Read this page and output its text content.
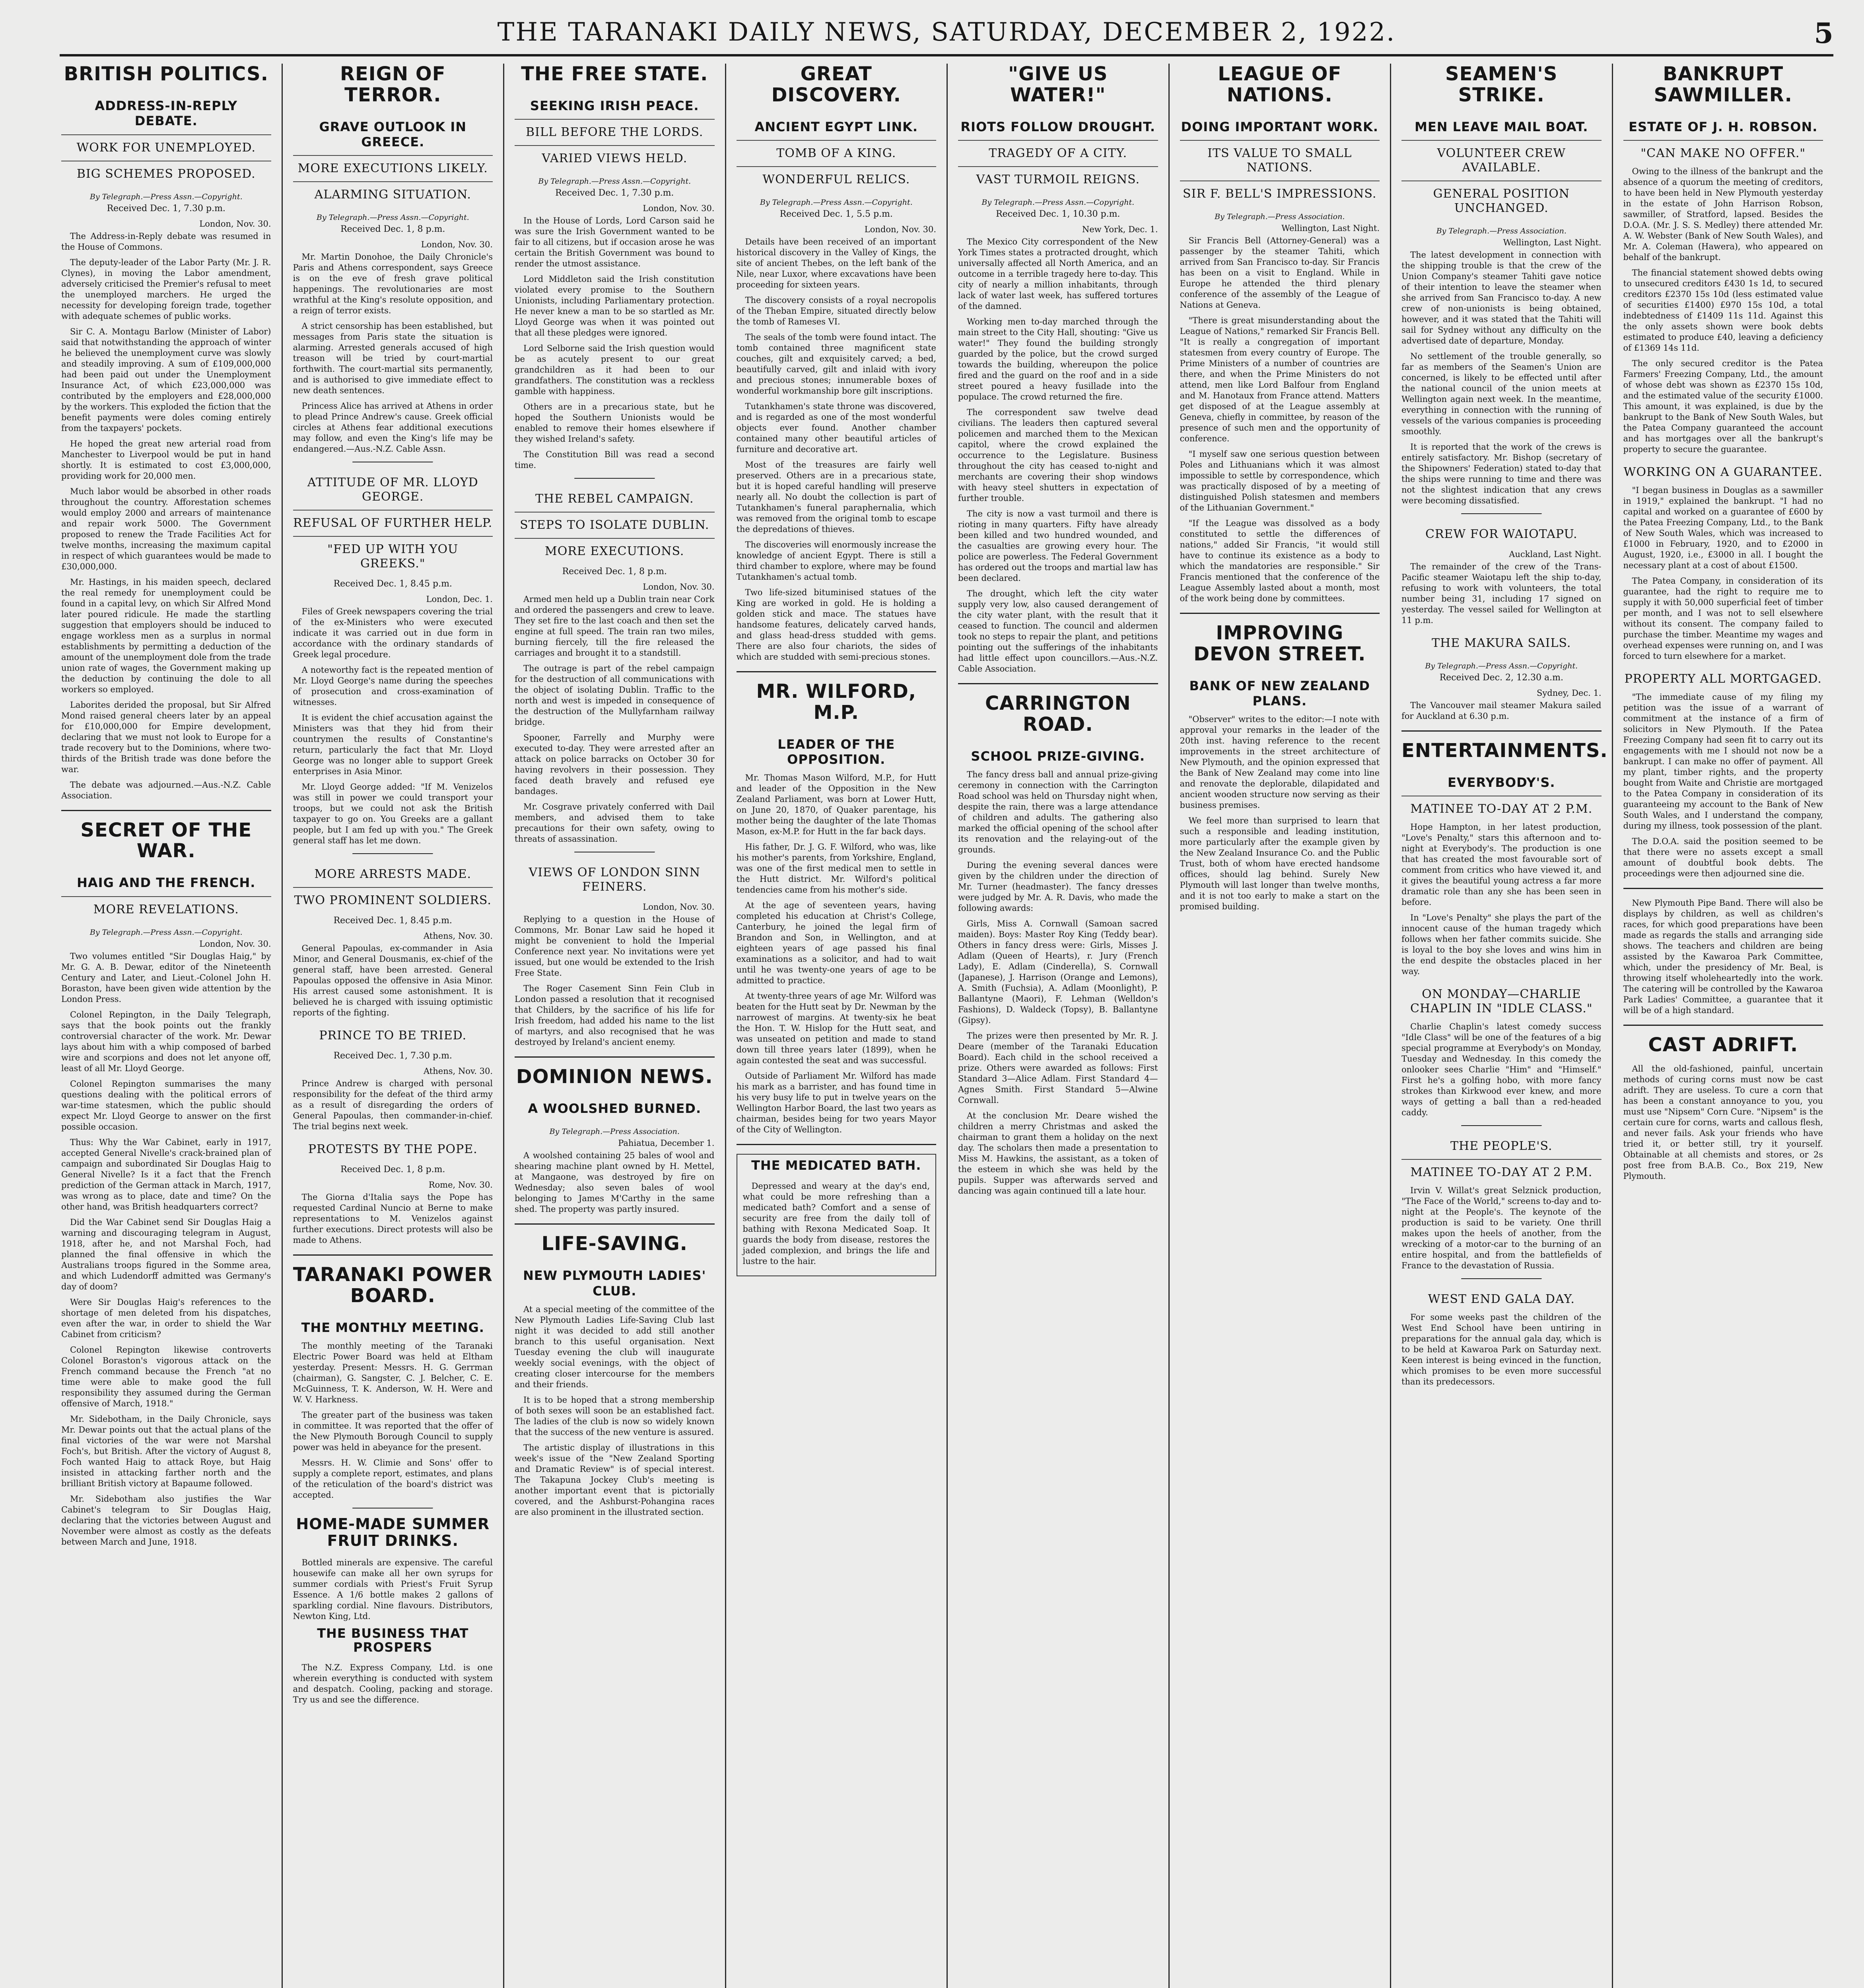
THE TARANAKI DAILY NEWS, SATURDAY, DECEMBER 2, 1922.	5
BRITISH POLITICS.
ADDRESS-IN-REPLY DEBATE.
WORK FOR UNEMPLOYED.
BIG SCHEMES PROPOSED.
By Telegraph.—Press Assn.—Copyright.
Received Dec. 1, 7.30 p.m.
London, Nov. 30.

The Address-in-Reply debate was resumed in the House of Commons.

The deputy-leader of the Labor Party (Mr. J. R. Clynes), in moving the Labor amendment, adversely criticised the Premier's refusal to meet the unemployed marchers. He urged the necessity for developing foreign trade, together with adequate schemes of public works.

Sir C. A. Montagu Barlow (Minister of Labor) said that notwithstanding the approach of winter he believed the unemployment curve was slowly and steadily improving. A sum of £109,000,000 had been paid out under the Unemployment Insurance Act, of which £23,000,000 was contributed by the employers and £28,000,000 by the workers. This exploded the fiction that the benefit payments were doles coming entirely from the taxpayers' pockets.

He hoped the great new arterial road from Manchester to Liverpool would be put in hand shortly. It is estimated to cost £3,000,000, providing work for 20,000 men.

Much labor would be absorbed in other roads throughout the country. Afforestation schemes would employ 2000 and arrears of maintenance and repair work 5000. The Government proposed to renew the Trade Facilities Act for twelve months, increasing the maximum capital in respect of which guarantees would be made to £30,000,000.

Mr. Hastings, in his maiden speech, declared the real remedy for unemployment could be found in a capital levy, on which Sir Alfred Mond later poured ridicule. He made the startling suggestion that employers should be induced to engage workless men as a surplus in normal establishments by permitting a deduction of the amount of the unemployment dole from the trade union rate of wages, the Government making up the deduction by continuing the dole to all workers so employed.

Laborites derided the proposal, but Sir Alfred Mond raised general cheers later by an appeal for £10,000,000 for Empire development, declaring that we must not look to Europe for a trade recovery but to the Dominions, where two-thirds of the British trade was done before the war.

The debate was adjourned.—Aus.-N.Z. Cable Association.

SECRET OF THE WAR.
HAIG AND THE FRENCH.
MORE REVELATIONS.
By Telegraph.—Press Assn.—Copyright.
London, Nov. 30.

Two volumes entitled "Sir Douglas Haig," by Mr. G. A. B. Dewar, editor of the Nineteenth Century and Later, and Lieut.-Colonel John H. Boraston, have been given wide attention by the London Press.

Colonel Repington, in the Daily Telegraph, says that the book points out the frankly controversial character of the work. Mr. Dewar lays about him with a whip composed of barbed wire and scorpions and does not let anyone off, least of all Mr. Lloyd George.

Colonel Repington summarises the many questions dealing with the political errors of war-time statesmen, which the public should expect Mr. Lloyd George to answer on the first possible occasion.

Thus: Why the War Cabinet, early in 1917, accepted General Nivelle's crack-brained plan of campaign and subordinated Sir Douglas Haig to General Nivelle? Is it a fact that the French prediction of the German attack in March, 1917, was wrong as to place, date and time? On the other hand, was British headquarters correct?

Did the War Cabinet send Sir Douglas Haig a warning and discouraging telegram in August, 1918, after he, and not Marshal Foch, had planned the final offensive in which the Australians troops figured in the Somme area, and which Ludendorff admitted was Germany's day of doom?

Were Sir Douglas Haig's references to the shortage of men deleted from his dispatches, even after the war, in order to shield the War Cabinet from criticism?

Colonel Repington likewise controverts Colonel Boraston's vigorous attack on the French command because the French "at no time were able to make good the full responsibility they assumed during the German offensive of March, 1918."

Mr. Sidebotham, in the Daily Chronicle, says Mr. Dewar points out that the actual plans of the final victories of the war were not Marshal Foch's, but British. After the victory of August 8, Foch wanted Haig to attack Roye, but Haig insisted in attacking farther north and the brilliant British victory at Bapaume followed.

Mr. Sidebotham also justifies the War Cabinet's telegram to Sir Douglas Haig, declaring that the victories between August and November were almost as costly as the defeats between March and June, 1918.

REIGN OF TERROR.
GRAVE OUTLOOK IN GREECE.
MORE EXECUTIONS LIKELY.
ALARMING SITUATION.
By Telegraph.—Press Assn.—Copyright.
Received Dec. 1, 8 p.m.
London, Nov. 30.

Mr. Martin Donohoe, the Daily Chronicle's Paris and Athens correspondent, says Greece is on the eve of fresh grave political happenings. The revolutionaries are most wrathful at the King's resolute opposition, and a reign of terror exists.

A strict censorship has been established, but messages from Paris state the situation is alarming. Arrested generals accused of high treason will be tried by court-martial forthwith. The court-martial sits permanently, and is authorised to give immediate effect to new death sentences.

Princess Alice has arrived at Athens in order to plead Prince Andrew's cause. Greek official circles at Athens fear additional executions may follow, and even the King's life may be endangered.—Aus.-N.Z. Cable Assn.

ATTITUDE OF MR. LLOYD GEORGE.
REFUSAL OF FURTHER HELP.
"FED UP WITH YOU GREEKS."
Received Dec. 1, 8.45 p.m.
London, Dec. 1.

Files of Greek newspapers covering the trial of the ex-Ministers who were executed indicate it was carried out in due form in accordance with the ordinary standards of Greek legal procedure.

A noteworthy fact is the repeated mention of Mr. Lloyd George's name during the speeches of prosecution and cross-examination of witnesses.

It is evident the chief accusation against the Ministers was that they hid from their countrymen the results of Constantine's return, particularly the fact that Mr. Lloyd George was no longer able to support Greek enterprises in Asia Minor.

Mr. Lloyd George added: "If M. Venizelos was still in power we could transport your troops, but we could not ask the British taxpayer to go on. You Greeks are a gallant people, but I am fed up with you." The Greek general staff has let me down.

MORE ARRESTS MADE.
TWO PROMINENT SOLDIERS.
Received Dec. 1, 8.45 p.m.
Athens, Nov. 30.

General Papoulas, ex-commander in Asia Minor, and General Dousmanis, ex-chief of the general staff, have been arrested. General Papoulas opposed the offensive in Asia Minor. His arrest caused some astonishment. It is believed he is charged with issuing optimistic reports of the fighting.

PRINCE TO BE TRIED.
Received Dec. 1, 7.30 p.m.
Athens, Nov. 30.

Prince Andrew is charged with personal responsibility for the defeat of the third army as a result of disregarding the orders of General Papoulas, then commander-in-chief. The trial begins next week.

PROTESTS BY THE POPE.
Received Dec. 1, 8 p.m.
Rome, Nov. 30.

The Giorna d'Italia says the Pope has requested Cardinal Nuncio at Berne to make representations to M. Venizelos against further executions. Direct protests will also be made to Athens.

TARANAKI POWER BOARD.
THE MONTHLY MEETING.

The monthly meeting of the Taranaki Electric Power Board was held at Eltham yesterday. Present: Messrs. H. G. Gerrman (chairman), G. Sangster, C. J. Belcher, C. E. McGuinness, T. K. Anderson, W. H. Were and W. V. Harkness.

The greater part of the business was taken in committee. It was reported that the offer of the New Plymouth Borough Council to supply power was held in abeyance for the present.

Messrs. H. W. Climie and Sons' offer to supply a complete report, estimates, and plans of the reticulation of the board's district was accepted.

HOME-MADE SUMMER FRUIT DRINKS.

Bottled minerals are expensive. The careful housewife can make all her own syrups for summer cordials with Priest's Fruit Syrup Essence. A 1/6 bottle makes 2 gallons of sparkling cordial. Nine flavours. Distributors, Newton King, Ltd.

THE BUSINESS THAT PROSPERS

The N.Z. Express Company, Ltd. is one wherein everything is conducted with system and despatch. Cooling, packing and storage. Try us and see the difference.

THE FREE STATE.
SEEKING IRISH PEACE.
BILL BEFORE THE LORDS.
VARIED VIEWS HELD.
By Telegraph.—Press Assn.—Copyright.
Received Dec. 1, 7.30 p.m.
London, Nov. 30.

In the House of Lords, Lord Carson said he was sure the Irish Government wanted to be fair to all citizens, but if occasion arose he was certain the British Government was bound to render the utmost assistance.

Lord Middleton said the Irish constitution violated every promise to the Southern Unionists, including Parliamentary protection. He never knew a man to be so startled as Mr. Lloyd George was when it was pointed out that all these pledges were ignored.

Lord Selborne said the Irish question would be as acutely present to our great grandchildren as it had been to our grandfathers. The constitution was a reckless gamble with happiness.

Others are in a precarious state, but he hoped the Southern Unionists would be enabled to remove their homes elsewhere if they wished Ireland's safety.

The Constitution Bill was read a second time.

THE REBEL CAMPAIGN.
STEPS TO ISOLATE DUBLIN.
MORE EXECUTIONS.
Received Dec. 1, 8 p.m.
London, Nov. 30.

Armed men held up a Dublin train near Cork and ordered the passengers and crew to leave. They set fire to the last coach and then set the engine at full speed. The train ran two miles, burning fiercely, till the fire released the carriages and brought it to a standstill.

The outrage is part of the rebel campaign for the destruction of all communications with the object of isolating Dublin. Traffic to the north and west is impeded in consequence of the destruction of the Mullyfarnham railway bridge.

Spooner, Farrelly and Murphy were executed to-day. They were arrested after an attack on police barracks on October 30 for having revolvers in their possession. They faced death bravely and refused eye bandages.

Mr. Cosgrave privately conferred with Dail members, and advised them to take precautions for their own safety, owing to threats of assassination.

VIEWS OF LONDON SINN FEINERS.
London, Nov. 30.

Replying to a question in the House of Commons, Mr. Bonar Law said he hoped it might be convenient to hold the Imperial Conference next year. No invitations were yet issued, but one would be extended to the Irish Free State.

The Roger Casement Sinn Fein Club in London passed a resolution that it recognised that Childers, by the sacrifice of his life for Irish freedom, had added his name to the list of martyrs, and also recognised that he was destroyed by Ireland's ancient enemy.

DOMINION NEWS.
A WOOLSHED BURNED.
By Telegraph.—Press Association.
Pahiatua, December 1.

A woolshed containing 25 bales of wool and shearing machine plant owned by H. Mettel, at Mangaone, was destroyed by fire on Wednesday; also seven bales of wool belonging to James M'Carthy in the same shed. The property was partly insured.

LIFE-SAVING.
NEW PLYMOUTH LADIES' CLUB.

At a special meeting of the committee of the New Plymouth Ladies Life-Saving Club last night it was decided to add still another branch to this useful organisation. Next Tuesday evening the club will inaugurate weekly social evenings, with the object of creating closer intercourse for the members and their friends.

It is to be hoped that a strong membership of both sexes will soon be an established fact. The ladies of the club is now so widely known that the success of the new venture is assured.

The artistic display of illustrations in this week's issue of the "New Zealand Sporting and Dramatic Review" is of special interest. The Takapuna Jockey Club's meeting is another important event that is pictorially covered, and the Ashburst-Pohangina races are also prominent in the illustrated section.

GREAT DISCOVERY.
ANCIENT EGYPT LINK.
TOMB OF A KING.
WONDERFUL RELICS.
By Telegraph.—Press Assn.—Copyright.
Received Dec. 1, 5.5 p.m.
London, Nov. 30.

Details have been received of an important historical discovery in the Valley of Kings, the site of ancient Thebes, on the left bank of the Nile, near Luxor, where excavations have been proceeding for sixteen years.

The discovery consists of a royal necropolis of the Theban Empire, situated directly below the tomb of Rameses VI.

The seals of the tomb were found intact. The tomb contained three magnificent state couches, gilt and exquisitely carved; a bed, beautifully carved, gilt and inlaid with ivory and precious stones; innumerable boxes of wonderful workmanship bore gilt inscriptions.

Tutankhamen's state throne was discovered, and is regarded as one of the most wonderful objects ever found. Another chamber contained many other beautiful articles of furniture and decorative art.

Most of the treasures are fairly well preserved. Others are in a precarious state, but it is hoped careful handling will preserve nearly all. No doubt the collection is part of Tutankhamen's funeral paraphernalia, which was removed from the original tomb to escape the depredations of thieves.

The discoveries will enormously increase the knowledge of ancient Egypt. There is still a third chamber to explore, where may be found Tutankhamen's actual tomb.

Two life-sized bituminised statues of the King are worked in gold. He is holding a golden stick and mace. The statues have handsome features, delicately carved hands, and glass head-dress studded with gems. There are also four chariots, the sides of which are studded with semi-precious stones.

MR. WILFORD, M.P.
LEADER OF THE OPPOSITION.

Mr. Thomas Mason Wilford, M.P., for Hutt and leader of the Opposition in the New Zealand Parliament, was born at Lower Hutt, on June 20, 1870, of Quaker parentage, his mother being the daughter of the late Thomas Mason, ex-M.P. for Hutt in the far back days.

His father, Dr. J. G. F. Wilford, who was, like his mother's parents, from Yorkshire, England, was one of the first medical men to settle in the Hutt district. Mr. Wilford's political tendencies came from his mother's side.

At the age of seventeen years, having completed his education at Christ's College, Canterbury, he joined the legal firm of Brandon and Son, in Wellington, and at eighteen years of age passed his final examinations as a solicitor, and had to wait until he was twenty-one years of age to be admitted to practice.

At twenty-three years of age Mr. Wilford was beaten for the Hutt seat by Dr. Newman by the narrowest of margins. At twenty-six he beat the Hon. T. W. Hislop for the Hutt seat, and was unseated on petition and made to stand down till three years later (1899), when he again contested the seat and was successful.

Outside of Parliament Mr. Wilford has made his mark as a barrister, and has found time in his very busy life to put in twelve years on the Wellington Harbor Board, the last two years as chairman, besides being for two years Mayor of the City of Wellington.

THE MEDICATED BATH.

Depressed and weary at the day's end, what could be more refreshing than a medicated bath? Comfort and a sense of security are free from the daily toll of bathing with Rexona Medicated Soap. It guards the body from disease, restores the jaded complexion, and brings the life and lustre to the hair.

"GIVE US WATER!"
RIOTS FOLLOW DROUGHT.
TRAGEDY OF A CITY.
VAST TURMOIL REIGNS.
By Telegraph.—Press Assn.—Copyright.
Received Dec. 1, 10.30 p.m.
New York, Dec. 1.

The Mexico City correspondent of the New York Times states a protracted drought, which universally affected all North America, and an outcome in a terrible tragedy here to-day. This city of nearly a million inhabitants, through lack of water last week, has suffered tortures of the damned.

Working men to-day marched through the main street to the City Hall, shouting: "Give us water!" They found the building strongly guarded by the police, but the crowd surged towards the building, whereupon the police fired and the guard on the roof and in a side street poured a heavy fusillade into the populace. The crowd returned the fire.

The correspondent saw twelve dead civilians. The leaders then captured several policemen and marched them to the Mexican capitol, where the crowd explained the occurrence to the Legislature. Business throughout the city has ceased to-night and merchants are covering their shop windows with heavy steel shutters in expectation of further trouble.

The city is now a vast turmoil and there is rioting in many quarters. Fifty have already been killed and two hundred wounded, and the casualties are growing every hour. The police are powerless. The Federal Government has ordered out the troops and martial law has been declared.

The drought, which left the city water supply very low, also caused derangement of the city water plant, with the result that it ceased to function. The council and aldermen took no steps to repair the plant, and petitions pointing out the sufferings of the inhabitants had little effect upon councillors.—Aus.-N.Z. Cable Association.

CARRINGTON ROAD.
SCHOOL PRIZE-GIVING.

The fancy dress ball and annual prize-giving ceremony in connection with the Carrington Road school was held on Thursday night when, despite the rain, there was a large attendance of children and adults. The gathering also marked the official opening of the school after its renovation and the relaying-out of the grounds.

During the evening several dances were given by the children under the direction of Mr. Turner (headmaster). The fancy dresses were judged by Mr. A. R. Davis, who made the following awards:

Girls, Miss A. Cornwall (Samoan sacred maiden). Boys: Master Roy King (Teddy bear). Others in fancy dress were: Girls, Misses J. Adlam (Queen of Hearts), r. Jury (French Lady), E. Adlam (Cinderella), S. Cornwall (Japanese), J. Harrison (Orange and Lemons), A. Smith (Fuchsia), A. Adlam (Moonlight), P. Ballantyne (Maori), F. Lehman (Welldon's Fashions), D. Waldeck (Topsy), B. Ballantyne (Gipsy).

The prizes were then presented by Mr. R. J. Deare (member of the Taranaki Education Board). Each child in the school received a prize. Others were awarded as follows: First Standard 3—Alice Adlam. First Standard 4—Agnes Smith. First Standard 5—Alwine Cornwall.

At the conclusion Mr. Deare wished the children a merry Christmas and asked the chairman to grant them a holiday on the next day. The scholars then made a presentation to Miss M. Hawkins, the assistant, as a token of the esteem in which she was held by the pupils. Supper was afterwards served and dancing was again continued till a late hour.

LEAGUE OF NATIONS.
DOING IMPORTANT WORK.
ITS VALUE TO SMALL NATIONS.
SIR F. BELL'S IMPRESSIONS.
By Telegraph.—Press Association.
Wellington, Last Night.

Sir Francis Bell (Attorney-General) was a passenger by the steamer Tahiti, which arrived from San Francisco to-day. Sir Francis has been on a visit to England. While in Europe he attended the third plenary conference of the assembly of the League of Nations at Geneva.

"There is great misunderstanding about the League of Nations," remarked Sir Francis Bell. "It is really a congregation of important statesmen from every country of Europe. The Prime Ministers of a number of countries are there, and when the Prime Ministers do not attend, men like Lord Balfour from England and M. Hanotaux from France attend. Matters get disposed of at the League assembly at Geneva, chiefly in committee, by reason of the presence of such men and the opportunity of conference.

"I myself saw one serious question between Poles and Lithuanians which it was almost impossible to settle by correspondence, which was practically disposed of by a meeting of distinguished Polish statesmen and members of the Lithuanian Government."

"If the League was dissolved as a body constituted to settle the differences of nations," added Sir Francis, "it would still have to continue its existence as a body to which the mandatories are responsible." Sir Francis mentioned that the conference of the League Assembly lasted about a month, most of the work being done by committees.

IMPROVING DEVON STREET.
BANK OF NEW ZEALAND PLANS.

"Observer" writes to the editor:—I note with approval your remarks in the leader of the 20th inst. having reference to the recent improvements in the street architecture of New Plymouth, and the opinion expressed that the Bank of New Zealand may come into line and renovate the deplorable, dilapidated and ancient wooden structure now serving as their business premises.

We feel more than surprised to learn that such a responsible and leading institution, more particularly after the example given by the New Zealand Insurance Co. and the Public Trust, both of whom have erected handsome offices, should lag behind. Surely New Plymouth will last longer than twelve months, and it is not too early to make a start on the promised building.

SEAMEN'S STRIKE.
MEN LEAVE MAIL BOAT.
VOLUNTEER CREW AVAILABLE.
GENERAL POSITION UNCHANGED.
By Telegraph.—Press Association.
Wellington, Last Night.

The latest development in connection with the shipping trouble is that the crew of the Union Company's steamer Tahiti gave notice of their intention to leave the steamer when she arrived from San Francisco to-day. A new crew of non-unionists is being obtained, however, and it was stated that the Tahiti will sail for Sydney without any difficulty on the advertised date of departure, Monday.

No settlement of the trouble generally, so far as members of the Seamen's Union are concerned, is likely to be effected until after the national council of the union meets at Wellington again next week. In the meantime, everything in connection with the running of vessels of the various companies is proceeding smoothly.

It is reported that the work of the crews is entirely satisfactory. Mr. Bishop (secretary of the Shipowners' Federation) stated to-day that the ships were running to time and there was not the slightest indication that any crews were becoming dissatisfied.

CREW FOR WAIOTAPU.
Auckland, Last Night.

The remainder of the crew of the Trans-Pacific steamer Waiotapu left the ship to-day, refusing to work with volunteers, the total number being 31, including 17 signed on yesterday. The vessel sailed for Wellington at 11 p.m.

THE MAKURA SAILS.
By Telegraph.—Press Assn.—Copyright.
Received Dec. 2, 12.30 a.m.
Sydney, Dec. 1.

The Vancouver mail steamer Makura sailed for Auckland at 6.30 p.m.

ENTERTAINMENTS.
EVERYBODY'S.
MATINEE TO-DAY AT 2 P.M.

Hope Hampton, in her latest production, "Love's Penalty," stars this afternoon and to-night at Everybody's. The production is one that has created the most favourable sort of comment from critics who have viewed it, and it gives the beautiful young actress a far more dramatic role than any she has been seen in before.

In "Love's Penalty" she plays the part of the innocent cause of the human tragedy which follows when her father commits suicide. She is loyal to the boy she loves and wins him in the end despite the obstacles placed in her way.

ON MONDAY—CHARLIE CHAPLIN IN "IDLE CLASS."

Charlie Chaplin's latest comedy success "Idle Class" will be one of the features of a big special programme at Everybody's on Monday, Tuesday and Wednesday. In this comedy the onlooker sees Charlie "Him" and "Himself." First he's a golfing hobo, with more fancy strokes than Kirkwood ever knew, and more ways of getting a ball than a red-headed caddy.

THE PEOPLE'S.
MATINEE TO-DAY AT 2 P.M.

Irvin V. Willat's great Selznick production, "The Face of the World," screens to-day and to-night at the People's. The keynote of the production is said to be variety. One thrill makes upon the heels of another, from the wrecking of a motor-car to the burning of an entire hospital, and from the battlefields of France to the devastation of Russia.

WEST END GALA DAY.

For some weeks past the children of the West End School have been untiring in preparations for the annual gala day, which is to be held at Kawaroa Park on Saturday next. Keen interest is being evinced in the function, which promises to be even more successful than its predecessors.

BANKRUPT SAWMILLER.
ESTATE OF J. H. ROBSON.
"CAN MAKE NO OFFER."

Owing to the illness of the bankrupt and the absence of a quorum the meeting of creditors, to have been held in New Plymouth yesterday in the estate of John Harrison Robson, sawmiller, of Stratford, lapsed. Besides the D.O.A. (Mr. J. S. S. Medley) there attended Mr. A. W. Webster (Bank of New South Wales), and Mr. A. Coleman (Hawera), who appeared on behalf of the bankrupt.

The financial statement showed debts owing to unsecured creditors £430 1s 1d, to secured creditors £2370 15s 10d (less estimated value of securities £1400) £970 15s 10d, a total indebtedness of £1409 11s 11d. Against this the only assets shown were book debts estimated to produce £40, leaving a deficiency of £1369 14s 11d.

The only secured creditor is the Patea Farmers' Freezing Company, Ltd., the amount of whose debt was shown as £2370 15s 10d, and the estimated value of the security £1000. This amount, it was explained, is due by the bankrupt to the Bank of New South Wales, but the Patea Company guaranteed the account and has mortgages over all the bankrupt's property to secure the guarantee.

WORKING ON A GUARANTEE.

"I began business in Douglas as a sawmiller in 1919," explained the bankrupt. "I had no capital and worked on a guarantee of £600 by the Patea Freezing Company, Ltd., to the Bank of New South Wales, which was increased to £1000 in February, 1920, and to £2000 in August, 1920, i.e., £3000 in all. I bought the necessary plant at a cost of about £1500.

The Patea Company, in consideration of its guarantee, had the right to require me to supply it with 50,000 superficial feet of timber per month, and I was not to sell elsewhere without its consent. The company failed to purchase the timber. Meantime my wages and overhead expenses were running on, and I was forced to turn elsewhere for a market.

PROPERTY ALL MORTGAGED.

"The immediate cause of my filing my petition was the issue of a warrant of commitment at the instance of a firm of solicitors in New Plymouth. If the Patea Freezing Company had seen fit to carry out its engagements with me I should not now be a bankrupt. I can make no offer of payment. All my plant, timber rights, and the property bought from Waite and Christie are mortgaged to the Patea Company in consideration of its guaranteeing my account to the Bank of New South Wales, and I understand the company, during my illness, took possession of the plant.

The D.O.A. said the position seemed to be that there were no assets except a small amount of doubtful book debts. The proceedings were then adjourned sine die.

New Plymouth Pipe Band. There will also be displays by children, as well as children's races, for which good preparations have been made as regards the stalls and arranging side shows. The teachers and children are being assisted by the Kawaroa Park Committee, which, under the presidency of Mr. Beal, is throwing itself wholeheartedly into the work. The catering will be controlled by the Kawaroa Park Ladies' Committee, a guarantee that it will be of a high standard.

CAST ADRIFT.

All the old-fashioned, painful, uncertain methods of curing corns must now be cast adrift. They are useless. To cure a corn that has been a constant annoyance to you, you must use "Nipsem" Corn Cure. "Nipsem" is the certain cure for corns, warts and callous flesh, and never fails. Ask your friends who have tried it, or better still, try it yourself. Obtainable at all chemists and stores, or 2s post free from B.A.B. Co., Box 219, New Plymouth.
